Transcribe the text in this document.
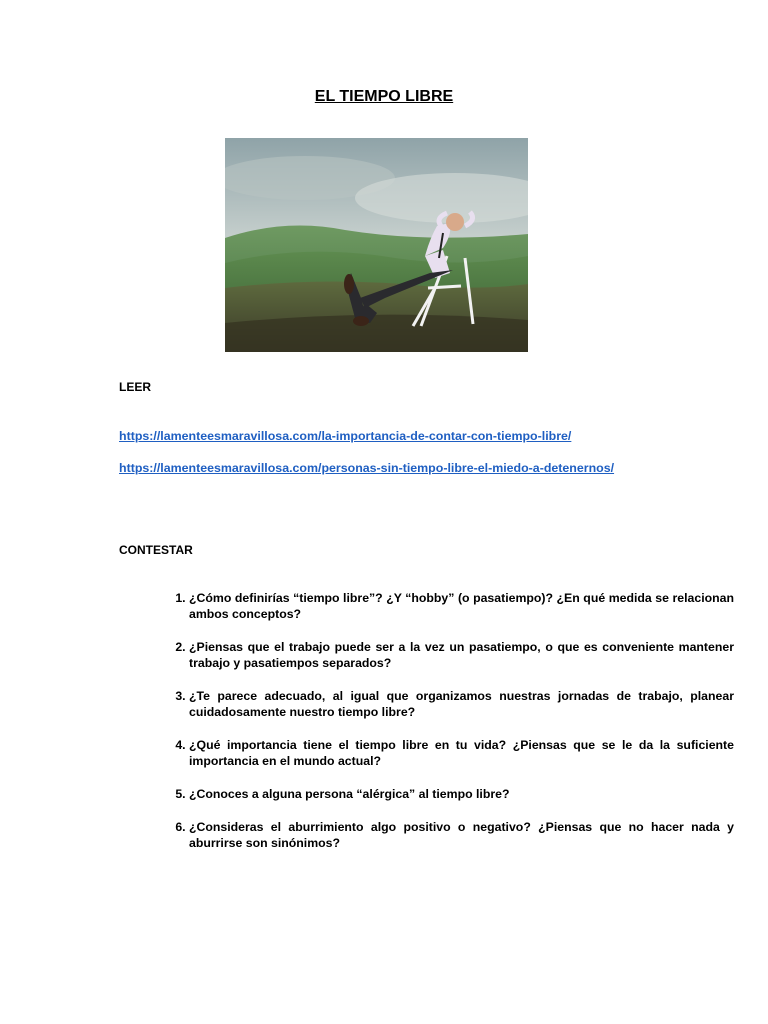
EL TIEMPO LIBRE
LEER
https://lamenteesmaravillosa.com/la-importancia-de-contar-con-tiempo-libre/
https://lamenteesmaravillosa.com/personas-sin-tiempo-libre-el-miedo-a-detenernos/
CONTESTAR
1. ¿Cómo definirías “tiempo libre”? ¿Y “hobby” (o pasatiempo)? ¿En qué medida se relacionan ambos conceptos?
2. ¿Piensas que el trabajo puede ser a la vez un pasatiempo, o que es conveniente mantener trabajo y pasatiempos separados?
3. ¿Te parece adecuado, al igual que organizamos nuestras jornadas de trabajo, planear cuidadosamente nuestro tiempo libre?
4. ¿Qué importancia tiene el tiempo libre en tu vida? ¿Piensas que se le da la suficiente importancia en el mundo actual?
5. ¿Conoces a alguna persona “alérgica” al tiempo libre?
6. ¿Consideras el aburrimiento algo positivo o negativo? ¿Piensas que no hacer nada y aburrirse son sinónimos?
